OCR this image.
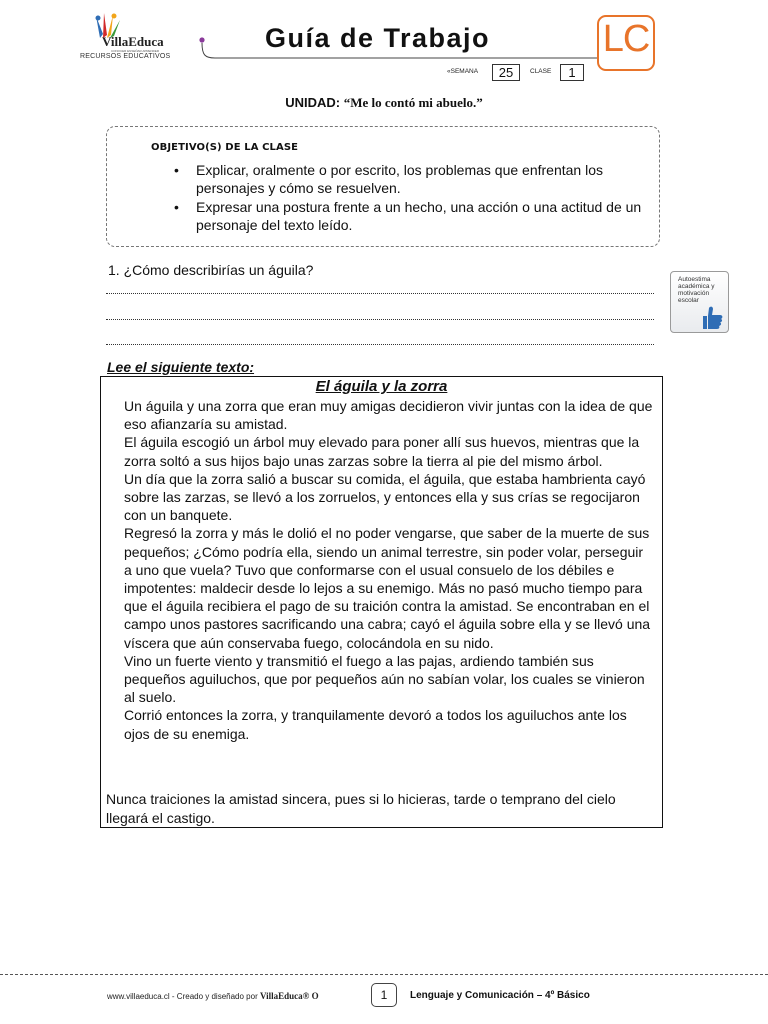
VillaEduca
CONOCER ENSEÑAR APRENDER
RECURSOS EDUCATIVOS
Guía de Trabajo	LC
«SEMANA	25	CLASE	1
UNIDAD: “Me lo contó mi abuelo.”
OBJETIVO(S) DE LA CLASE
• Explicar, oralmente o por escrito, los problemas que enfrentan los personajes y cómo se resuelven.
• Expresar una postura frente a un hecho, una acción o una actitud de un personaje del texto leído.
1. ¿Cómo describirías un águila?
Autoestima académica y motivación escolar
Lee el siguiente texto:
El águila y la zorra

Un águila y una zorra que eran muy amigas decidieron vivir juntas con la idea de que eso afianzaría su amistad.

El águila escogió un árbol muy elevado para poner allí sus huevos, mientras que la zorra soltó a sus hijos bajo unas zarzas sobre la tierra al pie del mismo árbol.

Un día que la zorra salió a buscar su comida, el águila, que estaba hambrienta cayó sobre las zarzas, se llevó a los zorruelos, y entonces ella y sus crías se regocijaron con un banquete.

Regresó la zorra y más le dolió el no poder vengarse, que saber de la muerte de sus pequeños; ¿Cómo podría ella, siendo un animal terrestre, sin poder volar, perseguir a uno que vuela? Tuvo que conformarse con el usual consuelo de los débiles e impotentes: maldecir desde lo lejos a su enemigo. Más no pasó mucho tiempo para que el águila recibiera el pago de su traición contra la amistad. Se encontraban en el campo unos pastores sacrificando una cabra; cayó el águila sobre ella y se llevó una víscera que aún conservaba fuego, colocándola en su nido.

Vino un fuerte viento y transmitió el fuego a las pajas, ardiendo también sus pequeños aguiluchos, que por pequeños aún no sabían volar, los cuales se vinieron al suelo.

Corrió entonces la zorra, y tranquilamente devoró a todos los aguiluchos ante los ojos de su enemiga.

Nunca traiciones la amistad sincera, pues si lo hicieras, tarde o temprano del cielo llegará el castigo.
www.villaeduca.cl - Creado y diseñado por VillaEduca® O	1	Lenguaje y Comunicación – 4º Básico
